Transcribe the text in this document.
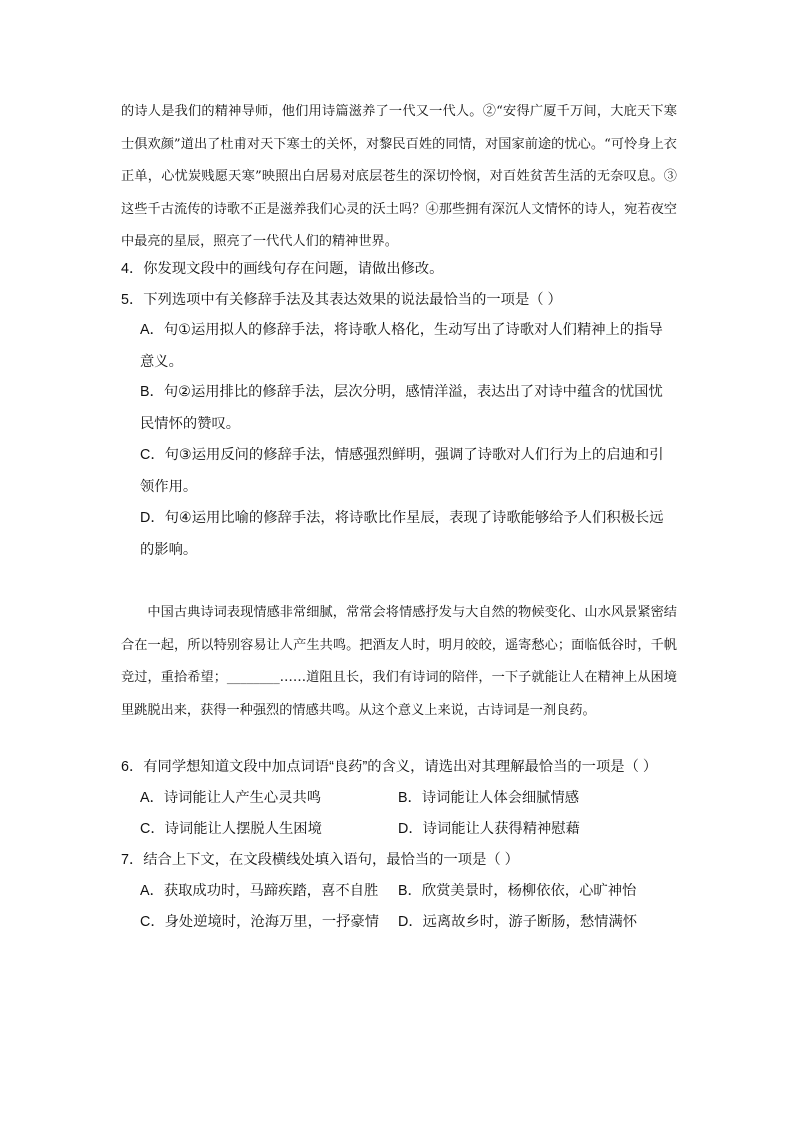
的诗人是我们的精神导师，他们用诗篇滋养了一代又一代人。②“安得广厦千万间，大庇天下寒士俱欢颜”道出了杜甫对天下寒士的关怀，对黎民百姓的同情，对国家前途的忧心。“可怜身上衣正单，心忧炭贱愿天寒”映照出白居易对底层苍生的深切怜悯，对百姓贫苦生活的无奈叹息。③这些千古流传的诗歌不正是滋养我们心灵的沃土吗？④那些拥有深沉人文情怀的诗人，宛若夜空中最亮的星辰，照亮了一代代人们的精神世界。

4．你发现文段中的画线句存在问题，请做出修改。

5．下列选项中有关修辞手法及其表达效果的说法最恰当的一项是（ ）

A．句①运用拟人的修辞手法，将诗歌人格化，生动写出了诗歌对人们精神上的指导意义。

B．句②运用排比的修辞手法，层次分明，感情洋溢，表达出了对诗中蕴含的忧国忧民情怀的赞叹。

C．句③运用反问的修辞手法，情感强烈鲜明，强调了诗歌对人们行为上的启迪和引领作用。

D．句④运用比喻的修辞手法，将诗歌比作星辰，表现了诗歌能够给予人们积极长远的影响。

中国古典诗词表现情感非常细腻，常常会将情感抒发与大自然的物候变化、山水风景紧密结合在一起，所以特别容易让人产生共鸣。把酒友人时，明月皎皎，遥寄愁心；面临低谷时，千帆竞过，重拾希望；________……道阻且长，我们有诗词的陪伴，一下子就能让人在精神上从困境里跳脱出来，获得一种强烈的情感共鸣。从这个意义上来说，古诗词是一剂良药。

6．有同学想知道文段中加点词语“良药”的含义，请选出对其理解最恰当的一项是（ ）

A．诗词能让人产生心灵共鸣	B．诗词能让人体会细腻情感

C．诗词能让人摆脱人生困境	D．诗词能让人获得精神慰藉

7．结合上下文，在文段横线处填入语句，最恰当的一项是（ ）

A．获取成功时，马蹄疾踏，喜不自胜 B．欣赏美景时，杨柳依依，心旷神怡

C．身处逆境时，沧海万里，一抒豪情 D．远离故乡时，游子断肠，愁情满怀
